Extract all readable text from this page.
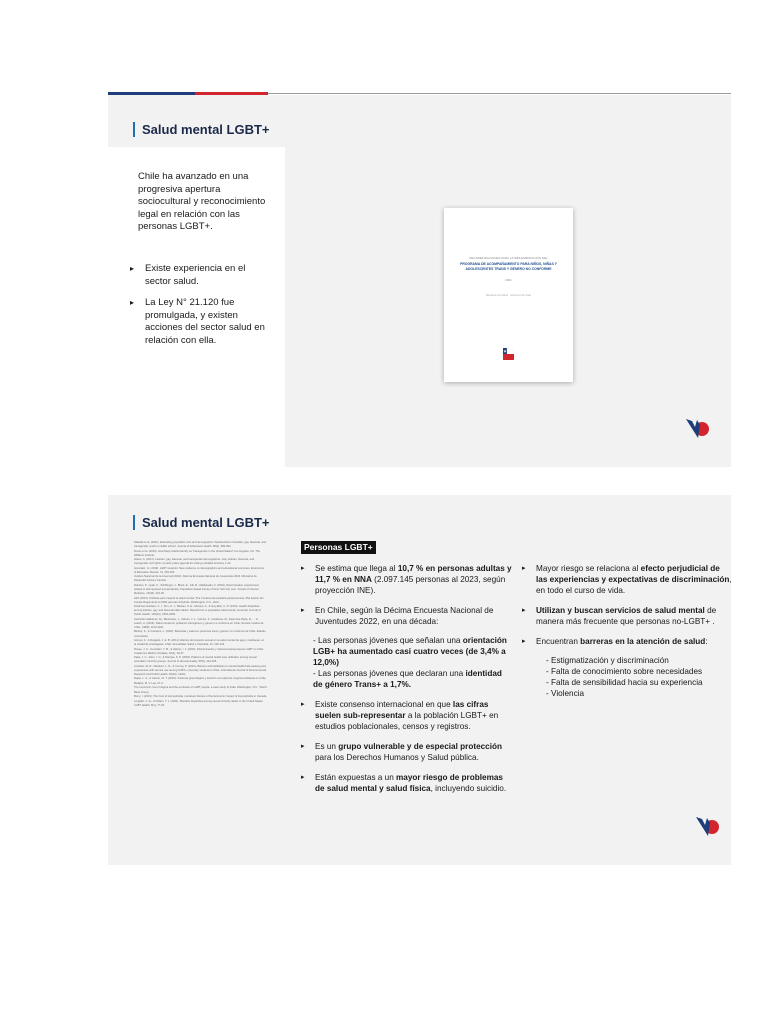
Salud mental LGBT+
Chile ha avanzado en una progresiva apertura sociocultural y reconocimiento legal en relación con las personas LGBT+.
▸ Existe experiencia en el sector salud.
▸ La Ley N° 21.120 fue promulgada, y existen acciones del sector salud en relación con ella.
RECOMENDACIONES PARA LA IMPLEMENTACIÓN DEL
PROGRAMA DE ACOMPAÑAMIENTO PARA NIÑOS, NIÑAS Y ADOLESCENTES TRANS Y GÉNERO NO CONFORME
2021
Ministerio de Salud · Gobierno de Chile
Salud mental LGBT+

Statistik et al. (2021). Estimating population size and demographic characteristics of lesbian, gay, bisexual, and transgender youth in middle school. Journal of Adolescent Health, 68(2), 386-394.

Flores et al. (2016). How Many Adults Identify as Transgender in the United States? Los Angeles, CA: The Williams Institute.

Gates, G. (2011). Lesbian, gay, bisexual, and transgender demographics. Gay, lesbian, bisexual, and transgender civil rights: A public policy agenda for uniting a divided America, 1-22.

Gonzalez, G. (2019). LGBT students: New evidence on demographics and educational outcomes. Economics of Education Review, 72, 253-265.

Instituto Nacional de la Juventud (2022). Décima Encuesta Nacional de Juventudes 2022. Ministerio de Desarrollo Social y Familia.

Roberts, P., Hyde, K., Schillinger, J., Block, E., Gill, R., Maldonado, F. (2004). Discrimination experienced related to self-reported sexual identity. Population-based survey of New York City men. Annals of Internal Medicine, 140(6), 416-25.

HFF (2013). Políticas para mejorar la salud mental. 57a Conferencia sanitaria panamericana. 65a Sesión del Comité Regional de la OMS para las Américas. Washington, D.C., EUA.

Friedman Goldsen, K. I., Kim, H. J., Barkan, S. E., Muraco, A., & Hoy-Ellis, C. P. (2013). Health disparities among lesbian, gay, and bisexual older adults: Results from a population-based study. American Journal of Public Health, 103(10), 1802-1809.

Aschiotis Galdames, M., Barrientos, J., Jaimes, J. L., Gómez, F., Cárdenas, M., Espinoza-Tapia, R., ... & Lukich, A. (2023). Salud mental en población transgénero y género no conforme en Chile. Revista médica de Chile, 148(8), 1113-1120.

Bishop, K., & Carrasco, L. (2022). Bienestar y salud en personas trans y género no conforme de Chile. Estudio comunitario.

Gómez, F., & Delgado, J. E. B. (2011). Efectos del prejuicio sexual en la salud mental de gays y lesbianas, en la ciudad de Antofagasta, Chile. Sexualidad, Salud y Sociedad, 10, 100-123.

Rosas, J. G., Gonzalez, T. M., & Valerio, I. J. (2022). Discriminación y violencia hacia jóvenes LGBT en Chile. Cuadernos Médico Sociales, 62(1), 39-47.

Patel, J. C., Alam, I. O., & Pandya, S. P. (2018). Patterns of mental health care utilization among sexual orientation minority groups. Journal of Homosexuality, 65(2), 242-265.

Crockett, W. R., Martinez, L. R., & Conroy, P. (2021). Barriers and facilitators to mental health help-seeking and experiences with service use among LGBT+ university students in Chile. International Journal of Environmental Research and Public Health, 18(24), 13221.

Rojas, L. S., & Carron, M. T. (2022). Violencia ginecológica y derecho a la salud de mujeres lesbianas en Chile.

Budgett, M. V. Lee, M. A.

The economic cost of stigma and the exclusion of LGBT people: a case study of India. Washington, D.C.: World Bank Group.

Burry, I. (2001). The Cost of Homophobia. Literature Review of the Economic Impact of Homophobia in Canada.

Loughlin, C. E., & Patton, T. J. (2021). Mortality disparities among sexual minority adults in the United States. LGBT Health, 8(1), 77-93.

Personas LGBT+
▸ Se estima que llega al 10,7 % en personas adultas y 11,7 % en NNA (2.097.145 personas al 2023, según proyección INE).
▸ En Chile, según la Décima Encuesta Nacional de Juventudes 2022, en una década:
- Las personas jóvenes que señalan una orientación LGB+ ha aumentado casi cuatro veces (de 3,4% a 12,0%)
- Las personas jóvenes que declaran una identidad de género Trans+ a 1,7%.
▸ Existe consenso internacional en que las cifras suelen sub-representar a la población LGBT+ en estudios poblacionales, censos y registros.
▸ Es un grupo vulnerable y de especial protección para los Derechos Humanos y Salud pública.
▸ Están expuestas a un mayor riesgo de problemas de salud mental y salud física, incluyendo suicidio.
▸ Mayor riesgo se relaciona al efecto perjudicial de las experiencias y expectativas de discriminación, en todo el curso de vida.
▸ Utilizan y buscan servicios de salud mental de manera más frecuente que personas no-LGBT+ .
▸ Encuentran barreras en la atención de salud:
- Estigmatización y discriminación
- Falta de conocimiento sobre necesidades
- Falta de sensibilidad hacia su experiencia
- Violencia
